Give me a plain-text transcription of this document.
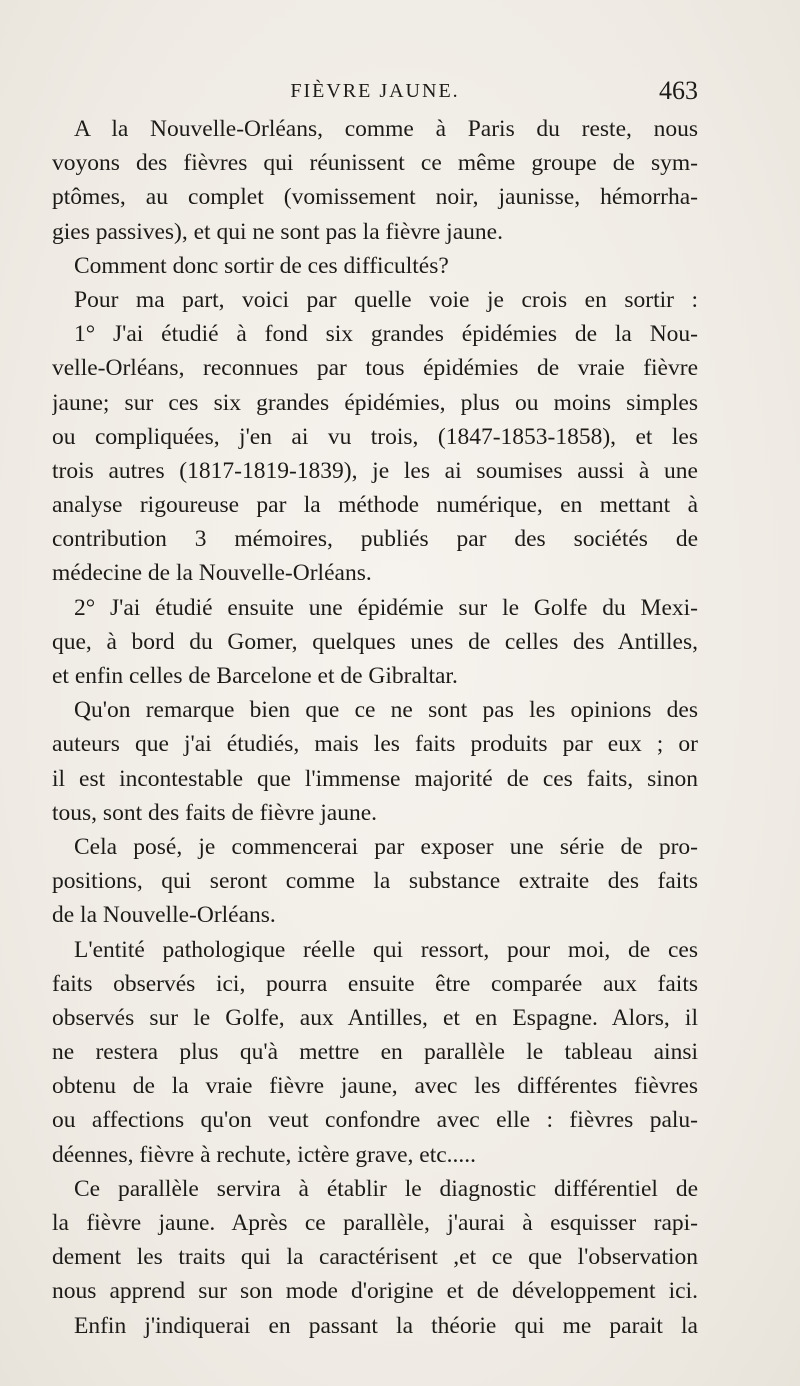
FIÈVRE JAUNE.	463
A la Nouvelle-Orléans, comme à Paris du reste, nous
voyons des fièvres qui réunissent ce même groupe de sym-
ptômes, au complet (vomissement noir, jaunisse, hémorrha-
gies passives), et qui ne sont pas la fièvre jaune.
Comment donc sortir de ces difficultés?
Pour ma part, voici par quelle voie je crois en sortir :
1° J'ai étudié à fond six grandes épidémies de la Nou-
velle-Orléans, reconnues par tous épidémies de vraie fièvre
jaune; sur ces six grandes épidémies, plus ou moins simples
ou compliquées, j'en ai vu trois, (1847-1853-1858), et les
trois autres (1817-1819-1839), je les ai soumises aussi à une
analyse rigoureuse par la méthode numérique, en mettant à
contribution 3 mémoires, publiés par des sociétés de
médecine de la Nouvelle-Orléans.
2° J'ai étudié ensuite une épidémie sur le Golfe du Mexi-
que, à bord du Gomer, quelques unes de celles des Antilles,
et enfin celles de Barcelone et de Gibraltar.
Qu'on remarque bien que ce ne sont pas les opinions des
auteurs que j'ai étudiés, mais les faits produits par eux ; or
il est incontestable que l'immense majorité de ces faits, sinon
tous, sont des faits de fièvre jaune.
Cela posé, je commencerai par exposer une série de pro-
positions, qui seront comme la substance extraite des faits
de la Nouvelle-Orléans.
L'entité pathologique réelle qui ressort, pour moi, de ces
faits observés ici, pourra ensuite être comparée aux faits
observés sur le Golfe, aux Antilles, et en Espagne. Alors, il
ne restera plus qu'à mettre en parallèle le tableau ainsi
obtenu de la vraie fièvre jaune, avec les différentes fièvres
ou affections qu'on veut confondre avec elle : fièvres palu-
déennes, fièvre à rechute, ictère grave, etc.....
Ce parallèle servira à établir le diagnostic différentiel de
la fièvre jaune. Après ce parallèle, j'aurai à esquisser rapi-
dement les traits qui la caractérisent ,et ce que l'observation
nous apprend sur son mode d'origine et de développement ici.
Enfin j'indiquerai en passant la théorie qui me parait la
